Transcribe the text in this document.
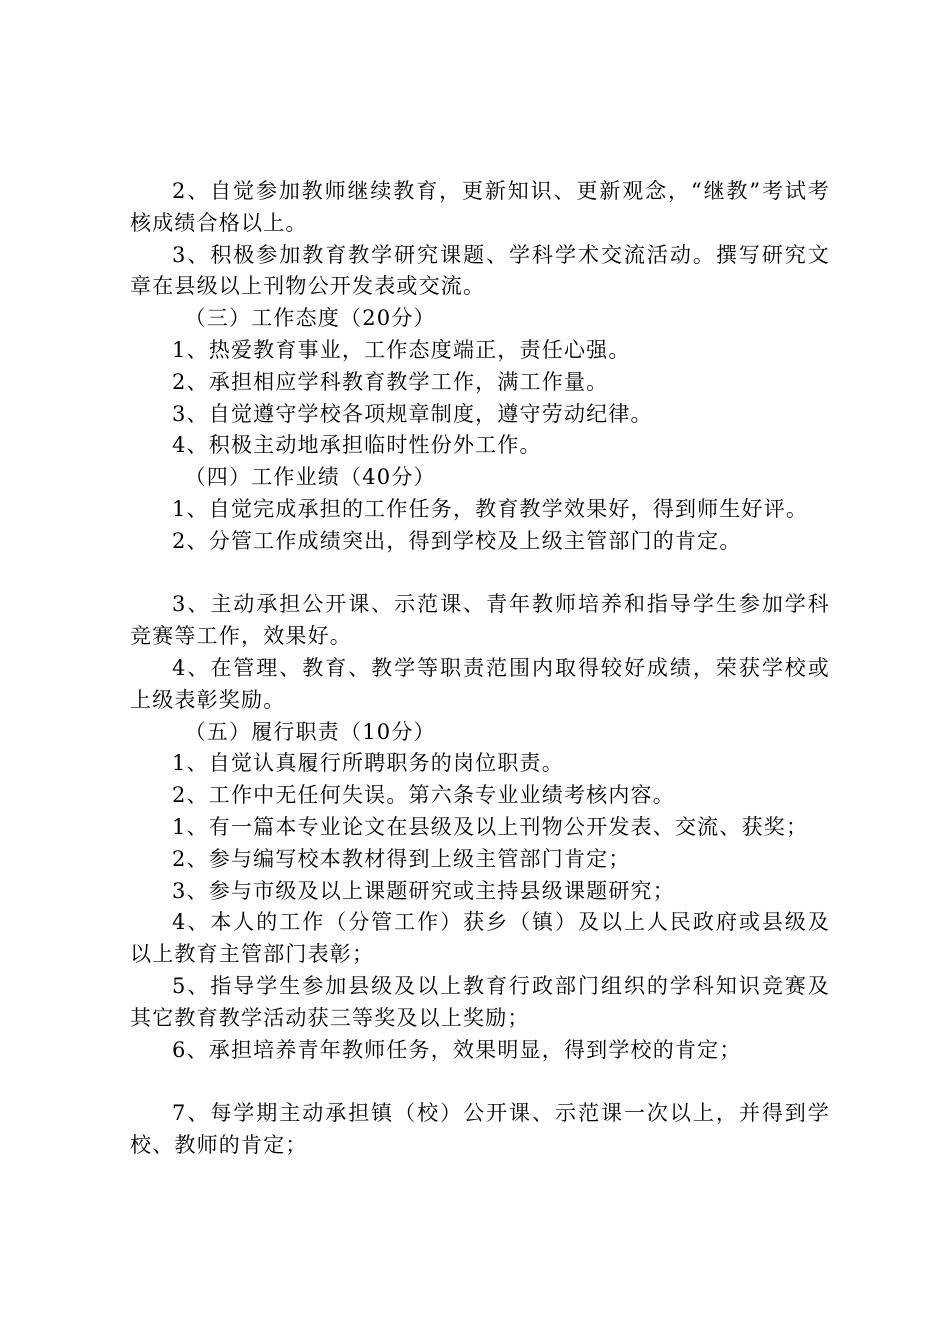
2、自觉参加教师继续教育，更新知识、更新观念，“继教”考试考核成绩合格以上。

3、积极参加教育教学研究课题、学科学术交流活动。撰写研究文章在县级以上刊物公开发表或交流。

（三）工作态度（20分）

1、热爱教育事业，工作态度端正，责任心强。

2、承担相应学科教育教学工作，满工作量。

3、自觉遵守学校各项规章制度，遵守劳动纪律。

4、积极主动地承担临时性份外工作。

（四）工作业绩（40分）

1、自觉完成承担的工作任务，教育教学效果好，得到师生好评。

2、分管工作成绩突出，得到学校及上级主管部门的肯定。

3、主动承担公开课、示范课、青年教师培养和指导学生参加学科竞赛等工作，效果好。

4、在管理、教育、教学等职责范围内取得较好成绩，荣获学校或上级表彰奖励。

（五）履行职责（10分）

1、自觉认真履行所聘职务的岗位职责。

2、工作中无任何失误。第六条专业业绩考核内容。

1、有一篇本专业论文在县级及以上刊物公开发表、交流、获奖；

2、参与编写校本教材得到上级主管部门肯定；

3、参与市级及以上课题研究或主持县级课题研究；

4、本人的工作（分管工作）获乡（镇）及以上人民政府或县级及以上教育主管部门表彰；

5、指导学生参加县级及以上教育行政部门组织的学科知识竞赛及其它教育教学活动获三等奖及以上奖励；

6、承担培养青年教师任务，效果明显，得到学校的肯定；

7、每学期主动承担镇（校）公开课、示范课一次以上，并得到学校、教师的肯定；
